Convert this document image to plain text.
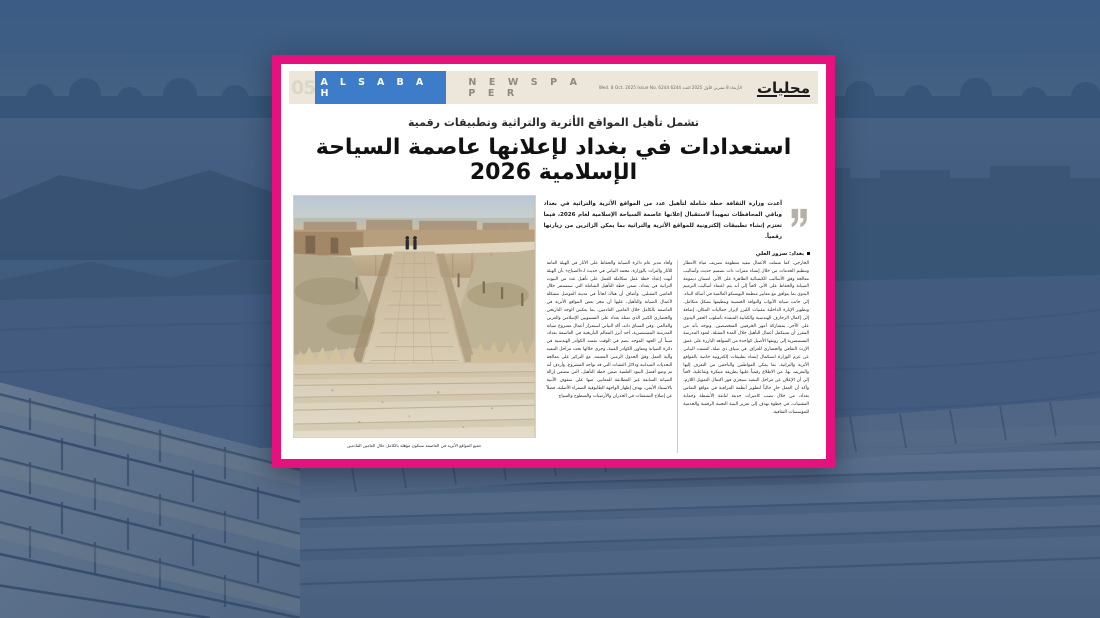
05 A L S A B A H
N E W S P A P E R	الأربعاء 8 تشرين الأول 2025 العدد 6244 Wed. 8 Oct. 2025 Issue No. 6244	محليات
تشمل تأهيل المواقع الأثرية والتراثية وتطبيقات رقمية
استعدادات في بغداد لإعلانها عاصمة السياحة الإسلامية 2026
أعدت وزارة الثقافة خطة شاملة لتأهيل عدد من المواقع الأثرية والتراثية في بغداد وباقي المحافظات تمهيداً لاستقبال إعلانها عاصمة السياحة الإسلامية لعام 2026، فيما تعتزم إنشاء تطبيقات إلكترونية للمواقع الأثرية والتراثية بما يمكن الزائرين من زيارتها رقمياً.
بغداد: سرور العلي
الخارجي، كما شملت الأعمال تنفيذ منظومة تصريف مياه الأمطار وتنظيم الخدمات من خلال إنشاء ممرات ذات تصميم حديث وأساليب معالجة وفق الأساليب الكيميائية الظاهرة على الأثر، لضمان ديمومة الصيانة والحفاظ على الأثر، لافتاً إلى أنه يتم اعتماد أساليب الترميم اليدوي بما يتوافق مع معايير منظمة اليونسكو العالمية في أصالة البناء، إلى جانب صيانة الأبواب والنوافذ الخشبية وتنظيفها بشكل متكامل، وتطوير الإنارة الداخلية بتقنيات الليزر لإبراز جماليات المكان، إضافة إلى إكمال الزخارف الهندسية والكتابية المنفذة بأسلوب الحفر اليدوي على الآجر، بمشاركة أمهر الحرفيين المتخصصين. وتوجه بأنه من المقرر أن تستكمل أعمال التأهيل خلال المدة المقبلة، لتعود المدرسة المستنصرية إلى رونقها الأصيل كواحدة من الشواهد البارزة على عمق الإرث الثقافي والحضاري للعراق. في سياق ذي صلة، كشفت البياتي عن عزم الوزارة استكمال إنشاء تطبيقات إلكترونية خاصة بالمواقع الأثرية والتراثية، بما يمكن المواطنين والباحثين من التعرف إليها والتعريف بها، من الاطلاع رقمياً عليها بطريقة مبتكرة وتفاعلية، لافتاً إلى أن الإعلان عن مراحل التنفيذ سيجري فور اكتمال التمويل اللازم. وأكد أن العمل جارٍ حالياً لتطوير أنظمة المراقبة في مواقع التماس بغداد، من خلال نصب كاميرات حديثة لتابعة الأنشطة وحماية المقتنيات، في خطوة تهدف إلى تعزيز البنية التحتية الرقمية والخدمية للمؤسسات الثقافية.
وأفاد مدير عام دائرة الصيانة والحفاظ على الآثار في الهيئة العامة للآثار والتراث بالوزارة، محمد البياتي في حديث لـ«الصباح» بأن الهيئة أنهت إعداد خطة عمل متكاملة للعمل على تأهيل عدد من البيوت التراثية في بغداد، ضمن خطة التأهيل الشاملة التي ستستمر خلال العامين المقبلين. وأضاف أن هناك لجاناً في مدينة الموصل مشكلة لأعمال الصيانة والتأهيل، عليها أن تنجز بعض المواقع الأثرية في العاصمة بالكامل خلال العامين القادمين، بما يعكس الوجه التاريخي والحضاري الكبير الذي تمثله بغداد على المستويين الإسلامي والعربي والعالمي. وفي السياق ذاته، أكد البياتي استمرار أعمال مشروع صيانة المدرسة المستنصرية، أحد أبرز المعالم التاريخية في العاصمة بغداد، مبيناً أن الجهد الموجه يضم في الوقت نفسه الكوادر الهندسية في دائرة الصيانة ومعاون الكوادر الفنية، وجرى خلالها بحث مراحل التنفيذ وآلية العمل وفق الجدول الزمني المعتمد، مع التركيز على معالجة التحديات الميدانية ودلائل العقبات التي قد تواجه المشروع. وأردف أنه تم وضع أفضل البنود العلمية ضمن خطة التأهيل، التي تتضمن إزالة الصيانة السابقة غير المطابقة للمعايير، منها على سقوف الأبنية بالاستناد الأيمن، بهدف إظهار الواجهة الطابوقية الصفراء الأصلية، فضلاً عن إصلاح التشققات في الجدران والأرضيات والسطوح والسياج
جميع المواقع الأثرية في العاصمة ستكون مؤهلة بالكامل خلال العامين القادمين
